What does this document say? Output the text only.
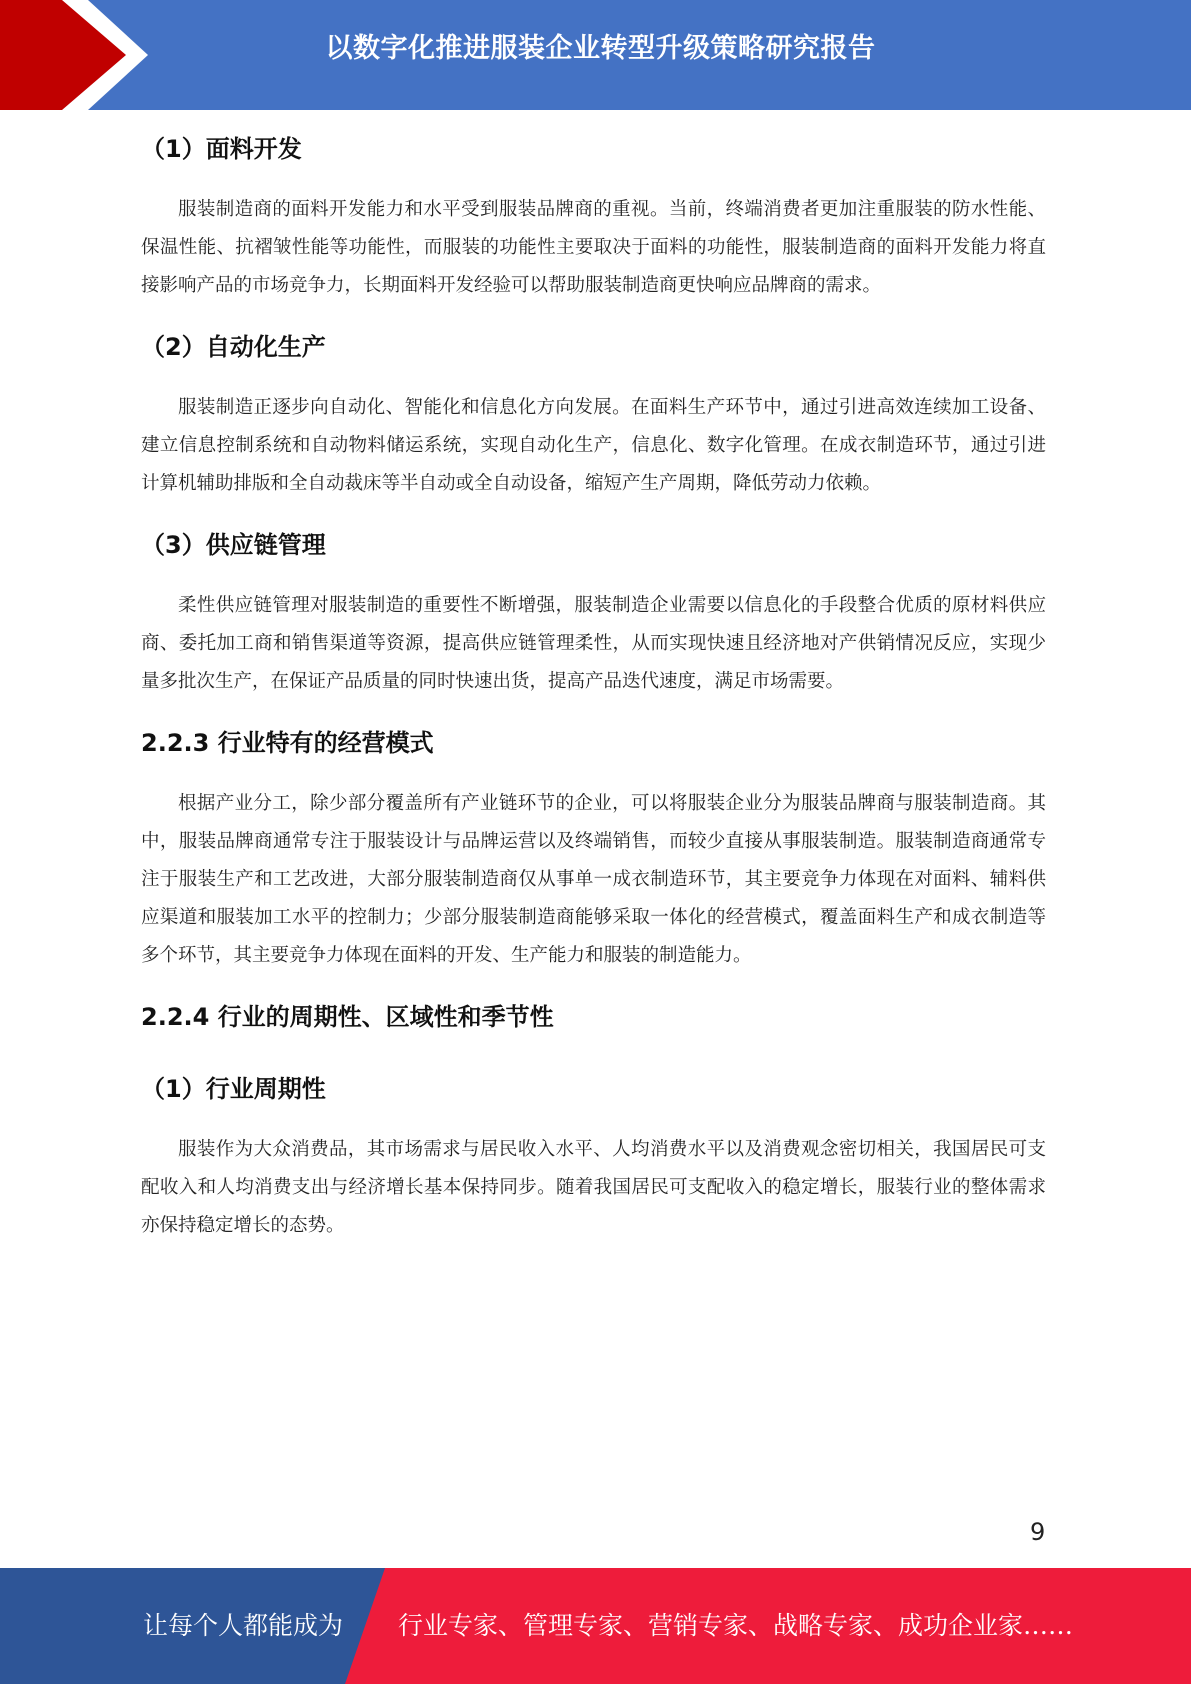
以数字化推进服装企业转型升级策略研究报告
（1）面料开发

服装制造商的面料开发能力和水平受到服装品牌商的重视。当前，终端消费者更加注重服装的防水性能、保温性能、抗褶皱性能等功能性，而服装的功能性主要取决于面料的功能性，服装制造商的面料开发能力将直接影响产品的市场竞争力，长期面料开发经验可以帮助服装制造商更快响应品牌商的需求。

（2）自动化生产

服装制造正逐步向自动化、智能化和信息化方向发展。在面料生产环节中，通过引进高效连续加工设备、建立信息控制系统和自动物料储运系统，实现自动化生产，信息化、数字化管理。在成衣制造环节，通过引进计算机辅助排版和全自动裁床等半自动或全自动设备，缩短产生产周期，降低劳动力依赖。

（3）供应链管理

柔性供应链管理对服装制造的重要性不断增强，服装制造企业需要以信息化的手段整合优质的原材料供应商、委托加工商和销售渠道等资源，提高供应链管理柔性，从而实现快速且经济地对产供销情况反应，实现少量多批次生产，在保证产品质量的同时快速出货，提高产品迭代速度，满足市场需要。

2.2.3 行业特有的经营模式

根据产业分工，除少部分覆盖所有产业链环节的企业，可以将服装企业分为服装品牌商与服装制造商。其中，服装品牌商通常专注于服装设计与品牌运营以及终端销售，而较少直接从事服装制造。服装制造商通常专注于服装生产和工艺改进，大部分服装制造商仅从事单一成衣制造环节，其主要竞争力体现在对面料、辅料供应渠道和服装加工水平的控制力；少部分服装制造商能够采取一体化的经营模式，覆盖面料生产和成衣制造等多个环节，其主要竞争力体现在面料的开发、生产能力和服装的制造能力。

2.2.4 行业的周期性、区域性和季节性
（1）行业周期性

服装作为大众消费品，其市场需求与居民收入水平、人均消费水平以及消费观念密切相关，我国居民可支配收入和人均消费支出与经济增长基本保持同步。随着我国居民可支配收入的稳定增长，服装行业的整体需求亦保持稳定增长的态势。

9
让每个人都能成为 行业专家、管理专家、营销专家、战略专家、成功企业家……
